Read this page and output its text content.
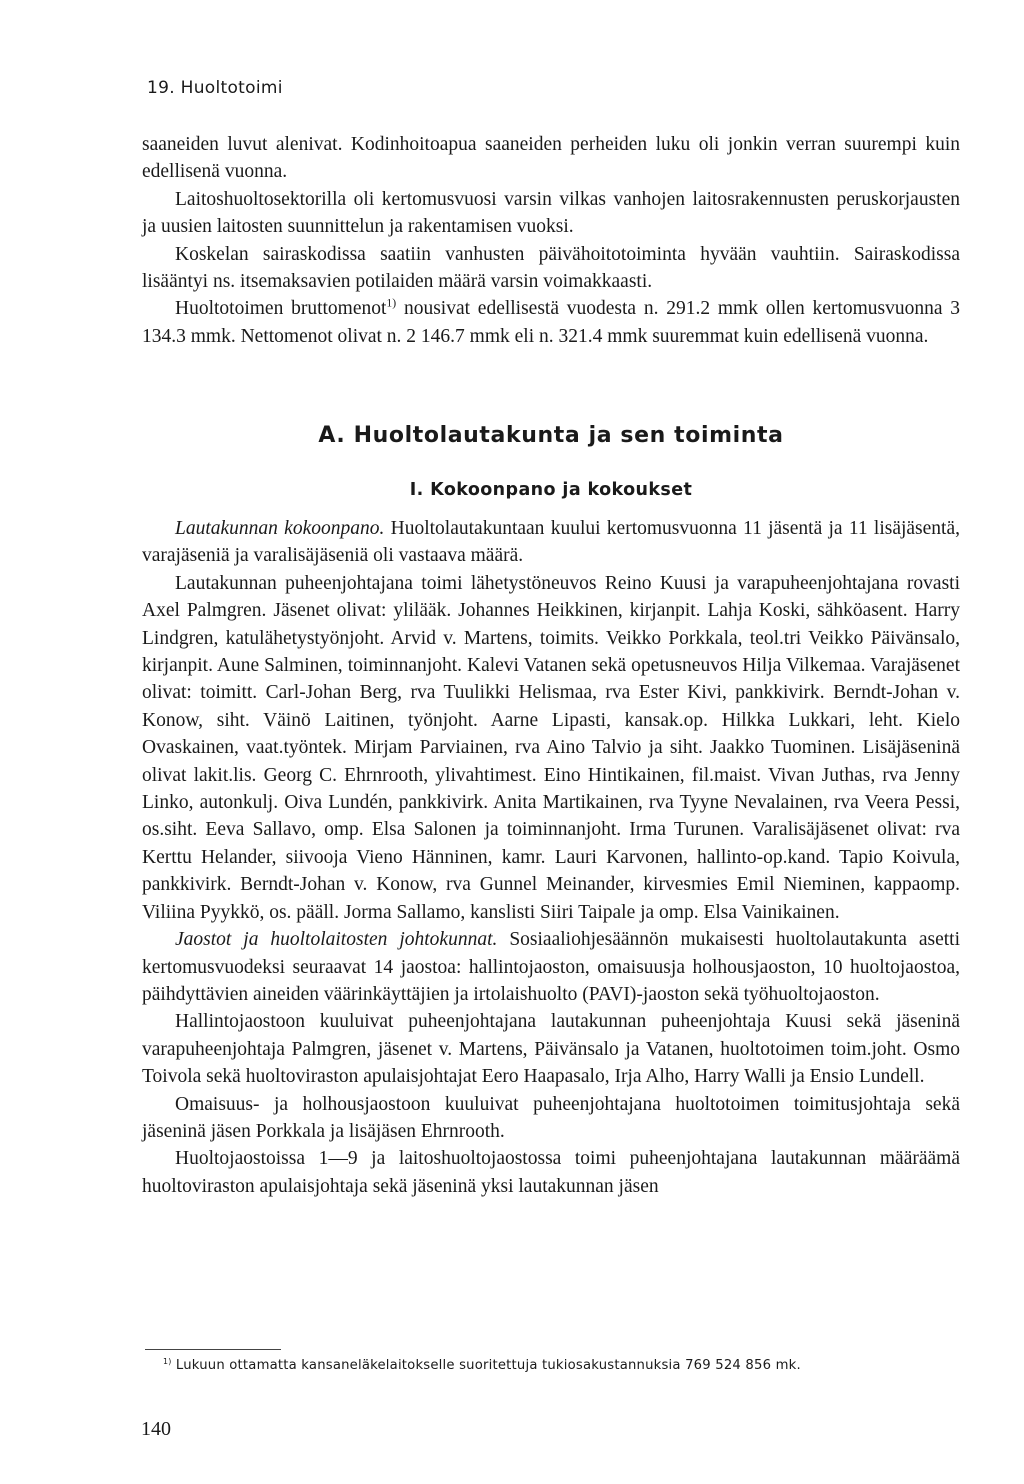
19. Huoltotoimi

saaneiden luvut alenivat. Kodinhoitoapua saaneiden perheiden luku oli jonkin verran suurempi kuin edellisenä vuonna.

Laitoshuoltosektorilla oli kertomusvuosi varsin vilkas vanhojen laitosrakennusten peruskorjausten ja uusien laitosten suunnittelun ja rakentamisen vuoksi.

Koskelan sairaskodissa saatiin vanhusten päivähoitotoiminta hyvään vauhtiin. Sairaskodissa lisääntyi ns. itsemaksavien potilaiden määrä varsin voimakkaasti.

Huoltotoimen bruttomenot$^{1)}$ nousivat edellisestä vuodesta n. 291.2 mmk ollen kertomusvuonna 3 134.3 mmk. Nettomenot olivat n. 2 146.7 mmk eli n. 321.4 mmk suuremmat kuin edellisenä vuonna.

A. Huoltolautakunta ja sen toiminta
I. Kokoonpano ja kokoukset

Lautakunnan kokoonpano. Huoltolautakuntaan kuului kertomusvuonna 11 jäsentä ja 11 lisäjäsentä, varajäseniä ja varalisäjäseniä oli vastaava määrä.

Lautakunnan puheenjohtajana toimi lähetystöneuvos Reino Kuusi ja varapuheenjohtajana rovasti Axel Palmgren. Jäsenet olivat: ylilääk. Johannes Heikkinen, kirjanpit. Lahja Koski, sähköasent. Harry Lindgren, katulähetystyönjoht. Arvid v. Martens, toimits. Veikko Porkkala, teol.tri Veikko Päivänsalo, kirjanpit. Aune Salminen, toiminnanjoht. Kalevi Vatanen sekä opetusneuvos Hilja Vilkemaa. Varajäsenet olivat: toimitt. Carl-Johan Berg, rva Tuulikki Helismaa, rva Ester Kivi, pankkivirk. Berndt-Johan v. Konow, siht. Väinö Laitinen, työnjoht. Aarne Lipasti, kansak.op. Hilkka Lukkari, leht. Kielo Ovaskainen, vaat.työntek. Mirjam Parviainen, rva Aino Talvio ja siht. Jaakko Tuominen. Lisäjäseninä olivat lakit.lis. Georg C. Ehrnrooth, ylivahtimest. Eino Hintikainen, fil.maist. Vivan Juthas, rva Jenny Linko, autonkulj. Oiva Lundén, pankkivirk. Anita Martikainen, rva Tyyne Nevalainen, rva Veera Pessi, os.siht. Eeva Sallavo, omp. Elsa Salonen ja toiminnanjoht. Irma Turunen. Varalisäjäsenet olivat: rva Kerttu Helander, siivooja Vieno Hänninen, kamr. Lauri Karvonen, hallinto-op.kand. Tapio Koivula, pankkivirk. Berndt-Johan v. Konow, rva Gunnel Meinander, kirvesmies Emil Nieminen, kappaomp. Viliina Pyykkö, os. pääll. Jorma Sallamo, kanslisti Siiri Taipale ja omp. Elsa Vainikainen.

Jaostot ja huoltolaitosten johtokunnat. Sosiaaliohjesäännön mukaisesti huoltolautakunta asetti kertomusvuodeksi seuraavat 14 jaostoa: hallintojaoston, omaisuusja holhousjaoston, 10 huoltojaostoa, päihdyttävien aineiden väärinkäyttäjien ja irtolaishuolto (PAVI)-jaoston sekä työhuoltojaoston.

Hallintojaostoon kuuluivat puheenjohtajana lautakunnan puheenjohtaja Kuusi sekä jäseninä varapuheenjohtaja Palmgren, jäsenet v. Martens, Päivänsalo ja Vatanen, huoltotoimen toim.joht. Osmo Toivola sekä huoltoviraston apulaisjohtajat Eero Haapasalo, Irja Alho, Harry Walli ja Ensio Lundell.

Omaisuus- ja holhousjaostoon kuuluivat puheenjohtajana huoltotoimen toimitusjohtaja sekä jäseninä jäsen Porkkala ja lisäjäsen Ehrnrooth.

Huoltojaostoissa 1—9 ja laitoshuoltojaostossa toimi puheenjohtajana lautakunnan määräämä huoltoviraston apulaisjohtaja sekä jäseninä yksi lautakunnan jäsen

$^{1)}$ Lukuun ottamatta kansaneläkelaitokselle suoritettuja tukiosakustannuksia 769 524 856 mk.
140
